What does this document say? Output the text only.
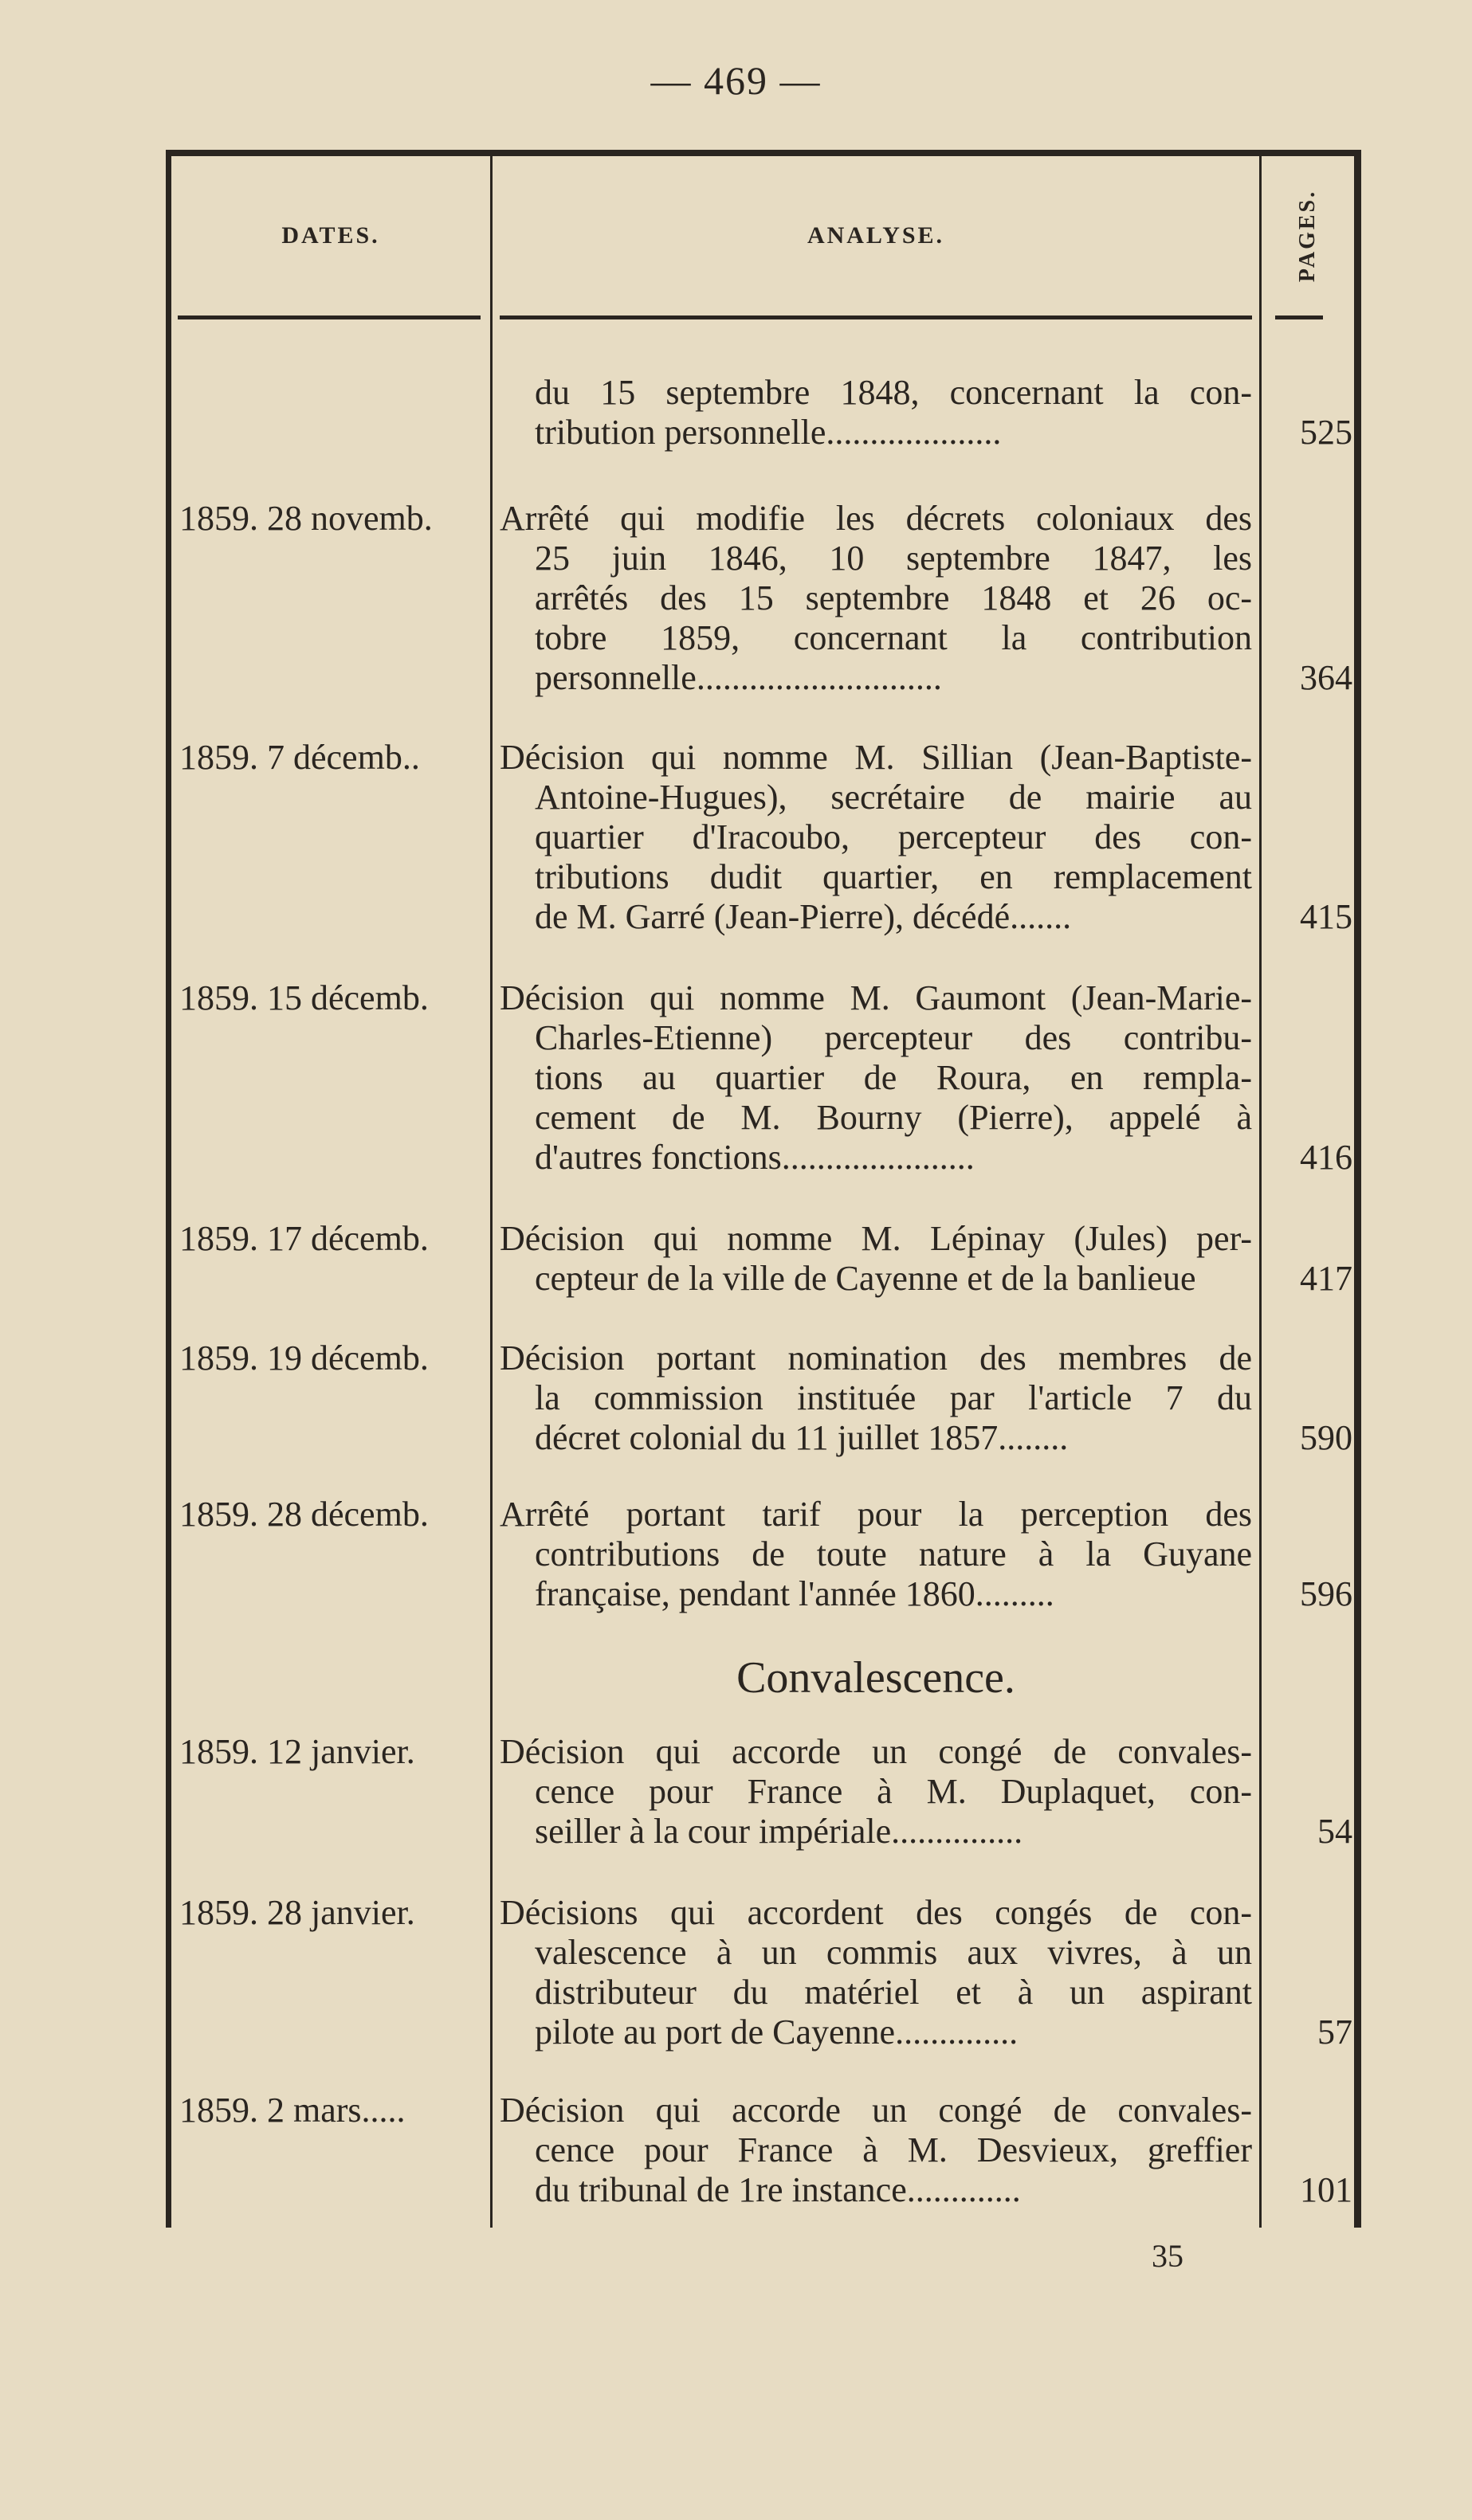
— 469 —
DATES.	ANALYSE.	PAGES.
du 15 septembre 1848, concernant la con-
tribution personnelle....................	525
1859. 28 novemb.	Arrêté qui modifie les décrets coloniaux des
25 juin 1846, 10 septembre 1847, les
arrêtés des 15 septembre 1848 et 26 oc-
tobre 1859, concernant la contribution
personnelle............................	364
1859. 7 décemb..	Décision qui nomme M. Sillian (Jean-Baptiste-
Antoine-Hugues), secrétaire de mairie au
quartier d'Iracoubo, percepteur des con-
tributions dudit quartier, en remplacement
de M. Garré (Jean-Pierre), décédé.......	415
1859. 15 décemb.	Décision qui nomme M. Gaumont (Jean-Marie-
Charles-Etienne) percepteur des contribu-
tions au quartier de Roura, en rempla-
cement de M. Bourny (Pierre), appelé à
d'autres fonctions......................	416
1859. 17 décemb.	Décision qui nomme M. Lépinay (Jules) per-
cepteur de la ville de Cayenne et de la banlieue	417
1859. 19 décemb.	Décision portant nomination des membres de
la commission instituée par l'article 7 du
décret colonial du 11 juillet 1857........	590
1859. 28 décemb.	Arrêté portant tarif pour la perception des
contributions de toute nature à la Guyane
française, pendant l'année 1860.........	596
Convalescence.
1859. 12 janvier.	Décision qui accorde un congé de convales-
cence pour France à M. Duplaquet, con-
seiller à la cour impériale...............	54
1859. 28 janvier.	Décisions qui accordent des congés de con-
valescence à un commis aux vivres, à un
distributeur du matériel et à un aspirant
pilote au port de Cayenne..............	57
1859. 2 mars.....	Décision qui accorde un congé de convales-
cence pour France à M. Desvieux, greffier
du tribunal de 1re instance.............	101
35
